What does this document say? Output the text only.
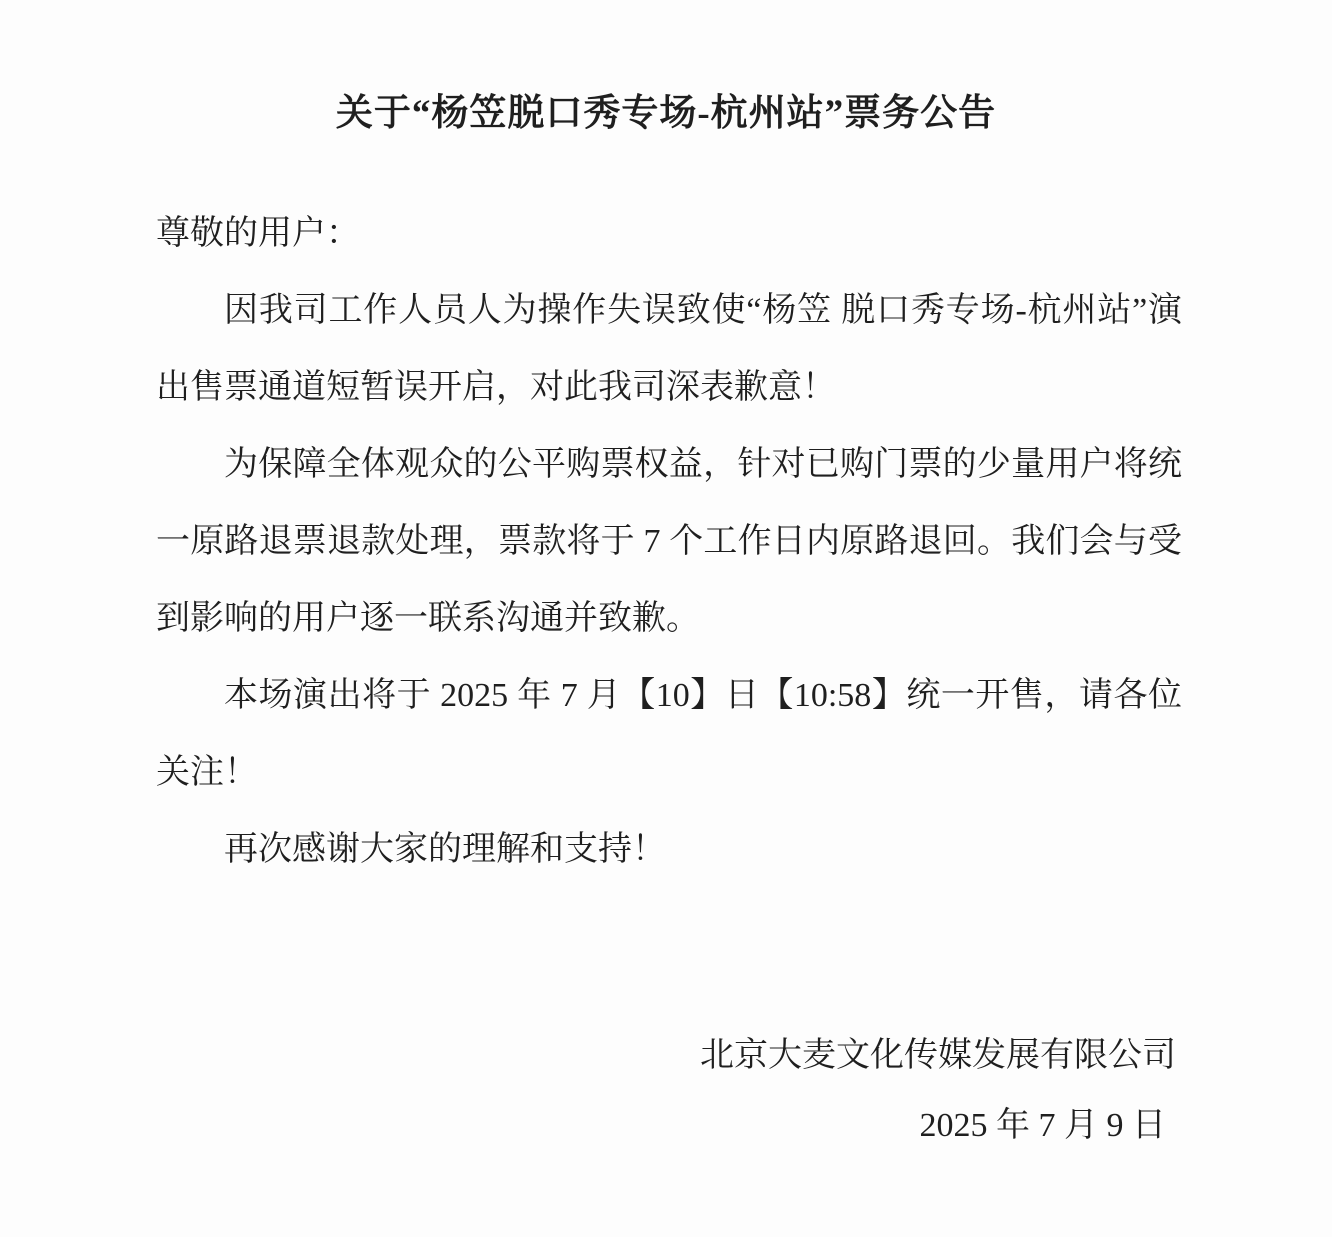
关于“杨笠脱口秀专场-杭州站”票务公告

尊敬的用户：

因我司工作人员人为操作失误致使“杨笠 脱口秀专场-杭州站”演出售票通道短暂误开启，对此我司深表歉意！

为保障全体观众的公平购票权益，针对已购门票的少量用户将统一原路退票退款处理，票款将于 7 个工作日内原路退回。我们会与受到影响的用户逐一联系沟通并致歉。

本场演出将于 2025 年 7 月【10】日【10:58】统一开售，请各位关注！

再次感谢大家的理解和支持！

北京大麦文化传媒发展有限公司
2025 年 7 月 9 日
